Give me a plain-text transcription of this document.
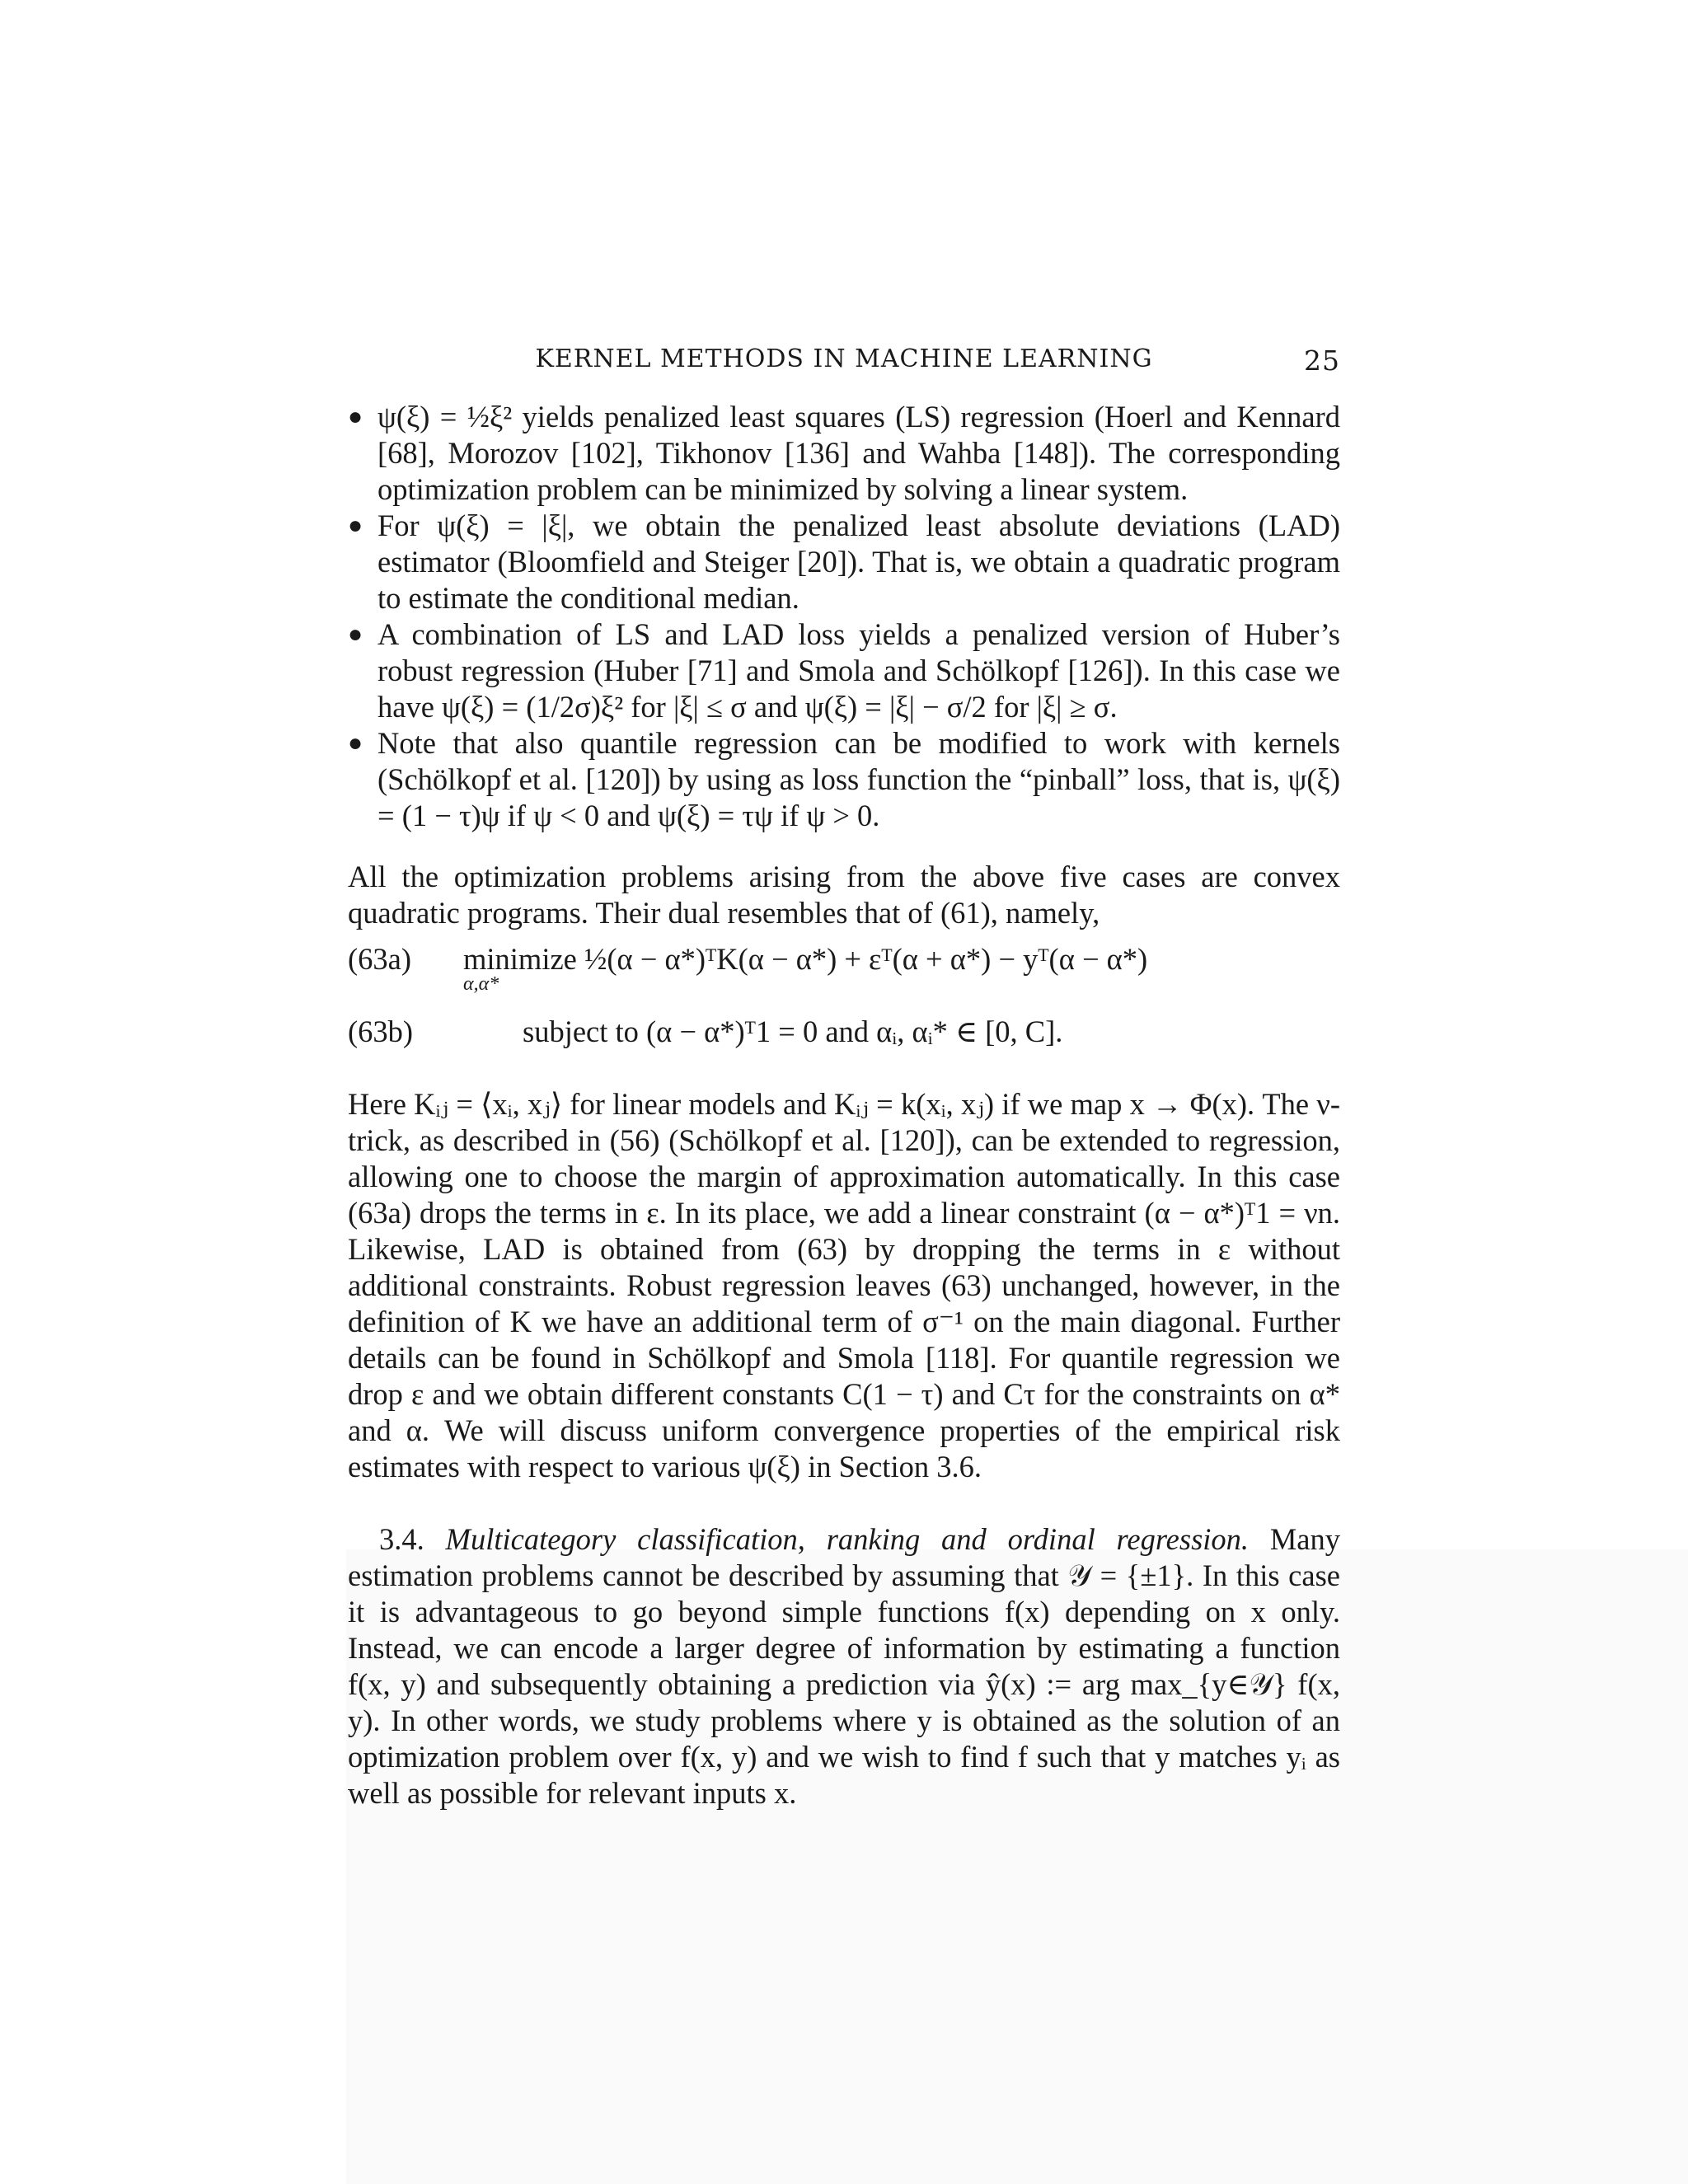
KERNEL METHODS IN MACHINE LEARNING	25
● ψ(ξ) = ½ξ² yields penalized least squares (LS) regression (Hoerl and Kennard [68], Morozov [102], Tikhonov [136] and Wahba [148]). The corresponding optimization problem can be minimized by solving a linear system.

● For ψ(ξ) = |ξ|, we obtain the penalized least absolute deviations (LAD) estimator (Bloomfield and Steiger [20]). That is, we obtain a quadratic program to estimate the conditional median.

● A combination of LS and LAD loss yields a penalized version of Huber’s robust regression (Huber [71] and Smola and Schölkopf [126]). In this case we have ψ(ξ) = (1/2σ)ξ² for |ξ| ≤ σ and ψ(ξ) = |ξ| − σ/2 for |ξ| ≥ σ.

● Note that also quantile regression can be modified to work with kernels (Schölkopf et al. [120]) by using as loss function the “pinball” loss, that is, ψ(ξ) = (1 − τ)ψ if ψ < 0 and ψ(ξ) = τψ if ψ > 0.

All the optimization problems arising from the above five cases are convex quadratic programs. Their dual resembles that of (61), namely,

(63a) minimize ½(α − α*)ᵀK(α − α*) + εᵀ(α + α*) − yᵀ(α − α*)
α,α*
(63b)	subject to (α − α*)ᵀ1 = 0 and αᵢ, αᵢ* ∈ [0, C].

Here Kᵢⱼ = ⟨xᵢ, xⱼ⟩ for linear models and Kᵢⱼ = k(xᵢ, xⱼ) if we map x → Φ(x). The ν-trick, as described in (56) (Schölkopf et al. [120]), can be extended to regression, allowing one to choose the margin of approximation automatically. In this case (63a) drops the terms in ε. In its place, we add a linear constraint (α − α*)ᵀ1 = νn. Likewise, LAD is obtained from (63) by dropping the terms in ε without additional constraints. Robust regression leaves (63) unchanged, however, in the definition of K we have an additional term of σ⁻¹ on the main diagonal. Further details can be found in Schölkopf and Smola [118]. For quantile regression we drop ε and we obtain different constants C(1 − τ) and Cτ for the constraints on α* and α. We will discuss uniform convergence properties of the empirical risk estimates with respect to various ψ(ξ) in Section 3.6.

3.4. Multicategory classification, ranking and ordinal regression. Many estimation problems cannot be described by assuming that 𝒴 = {±1}. In this case it is advantageous to go beyond simple functions f(x) depending on x only. Instead, we can encode a larger degree of information by estimating a function f(x, y) and subsequently obtaining a prediction via ŷ(x) := arg max_{y∈𝒴} f(x, y). In other words, we study problems where y is obtained as the solution of an optimization problem over f(x, y) and we wish to find f such that y matches yᵢ as well as possible for relevant inputs x.
